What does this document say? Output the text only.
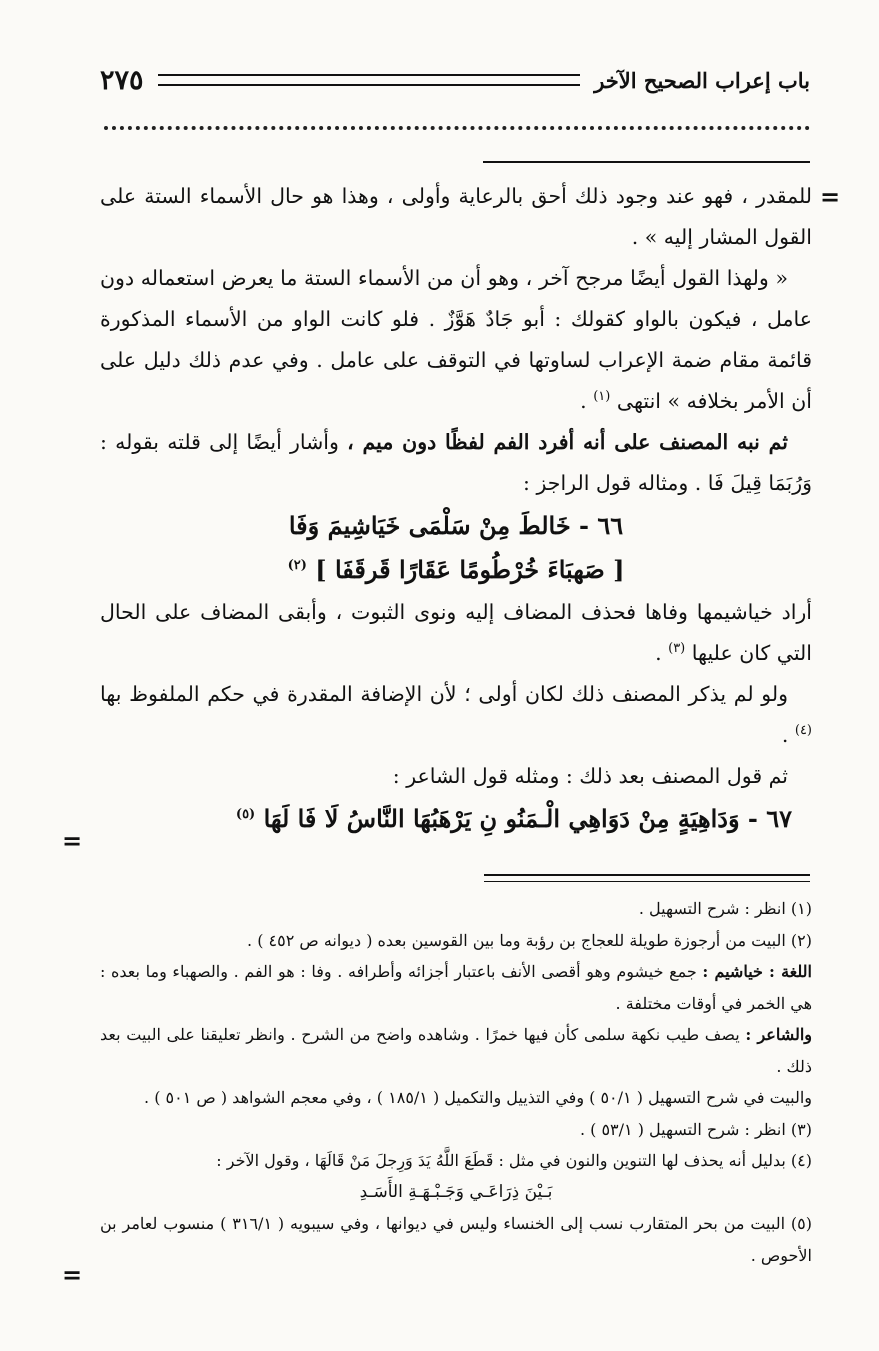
باب إعراب الصحيح الآخر
٢٧٥
=

للمقدر ، فهو عند وجود ذلك أحق بالرعاية وأولى ، وهذا هو حال الأسماء الستة على القول المشار إليه » .

« ولهذا القول أيضًا مرجح آخر ، وهو أن من الأسماء الستة ما يعرض استعماله دون عامل ، فيكون بالواو كقولك : أبو جَادٌ هَوَّزٌ . فلو كانت الواو من الأسماء المذكورة قائمة مقام ضمة الإعراب لساوتها في التوقف على عامل . وفي عدم ذلك دليل على أن الأمر بخلافه » انتهى $^{(١)}$ .

ثم نبه المصنف على أنه أفرد الفم لفظًا دون ميم ، وأشار أيضًا إلى قلته بقوله : وَرُبَمَا قِيلَ فَا . ومثاله قول الراجز :

٦٦ - خَالطَ مِنْ سَلْمَى خَيَاشِيمَ وَفَا
[ صَهبَاءَ خُرْطُومًا عَقَارًا قَرقَفَا ] $^{(٢)}$

أراد خياشيمها وفاها فحذف المضاف إليه ونوى الثبوت ، وأبقى المضاف على الحال التي كان عليها $^{(٣)}$ .

ولو لم يذكر المصنف ذلك لكان أولى ؛ لأن الإضافة المقدرة في حكم الملفوظ بها $^{(٤)}$ .

ثم قول المصنف بعد ذلك : ومثله قول الشاعر :

٦٧ - وَدَاهِيَةٍ مِنْ دَوَاهِي الْـمَنُو نِ يَرْهَبُهَا النَّاسُ لَا فَا لَهَا $^{(٥)}$
=

(١) انظر : شرح التسهيل .

(٢) البيت من أرجوزة طويلة للعجاج بن رؤبة وما بين القوسين بعده ( ديوانه ص ٤٥٢ ) .

اللغة : خياشيم : جمع خيشوم وهو أقصى الأنف باعتبار أجزائه وأطرافه . وفا : هو الفم . والصهباء وما بعده : هي الخمر في أوقات مختلفة .

والشاعر : يصف طيب نكهة سلمى كأن فيها خمرًا . وشاهده واضح من الشرح . وانظر تعليقنا على البيت بعد ذلك .

والبيت في شرح التسهيل ( ٥٠/١ ) وفي التذييل والتكميل ( ١٨٥/١ ) ، وفي معجم الشواهد ( ص ٥٠١ ) .

(٣) انظر : شرح التسهيل ( ٥٣/١ ) .

(٤) بدليل أنه يحذف لها التنوين والنون في مثل : قَطَعَ اللَّهُ يَدَ وَرِجلَ مَنْ قَالَهَا ، وقول الآخر :

بَـيْنَ ذِرَاعَـي وَجَـبْـهَـةِ الأَسَـدِ

(٥) البيت من بحر المتقارب نسب إلى الخنساء وليس في ديوانها ، وفي سيبويه ( ٣١٦/١ ) منسوب لعامر بن الأحوص .

=
